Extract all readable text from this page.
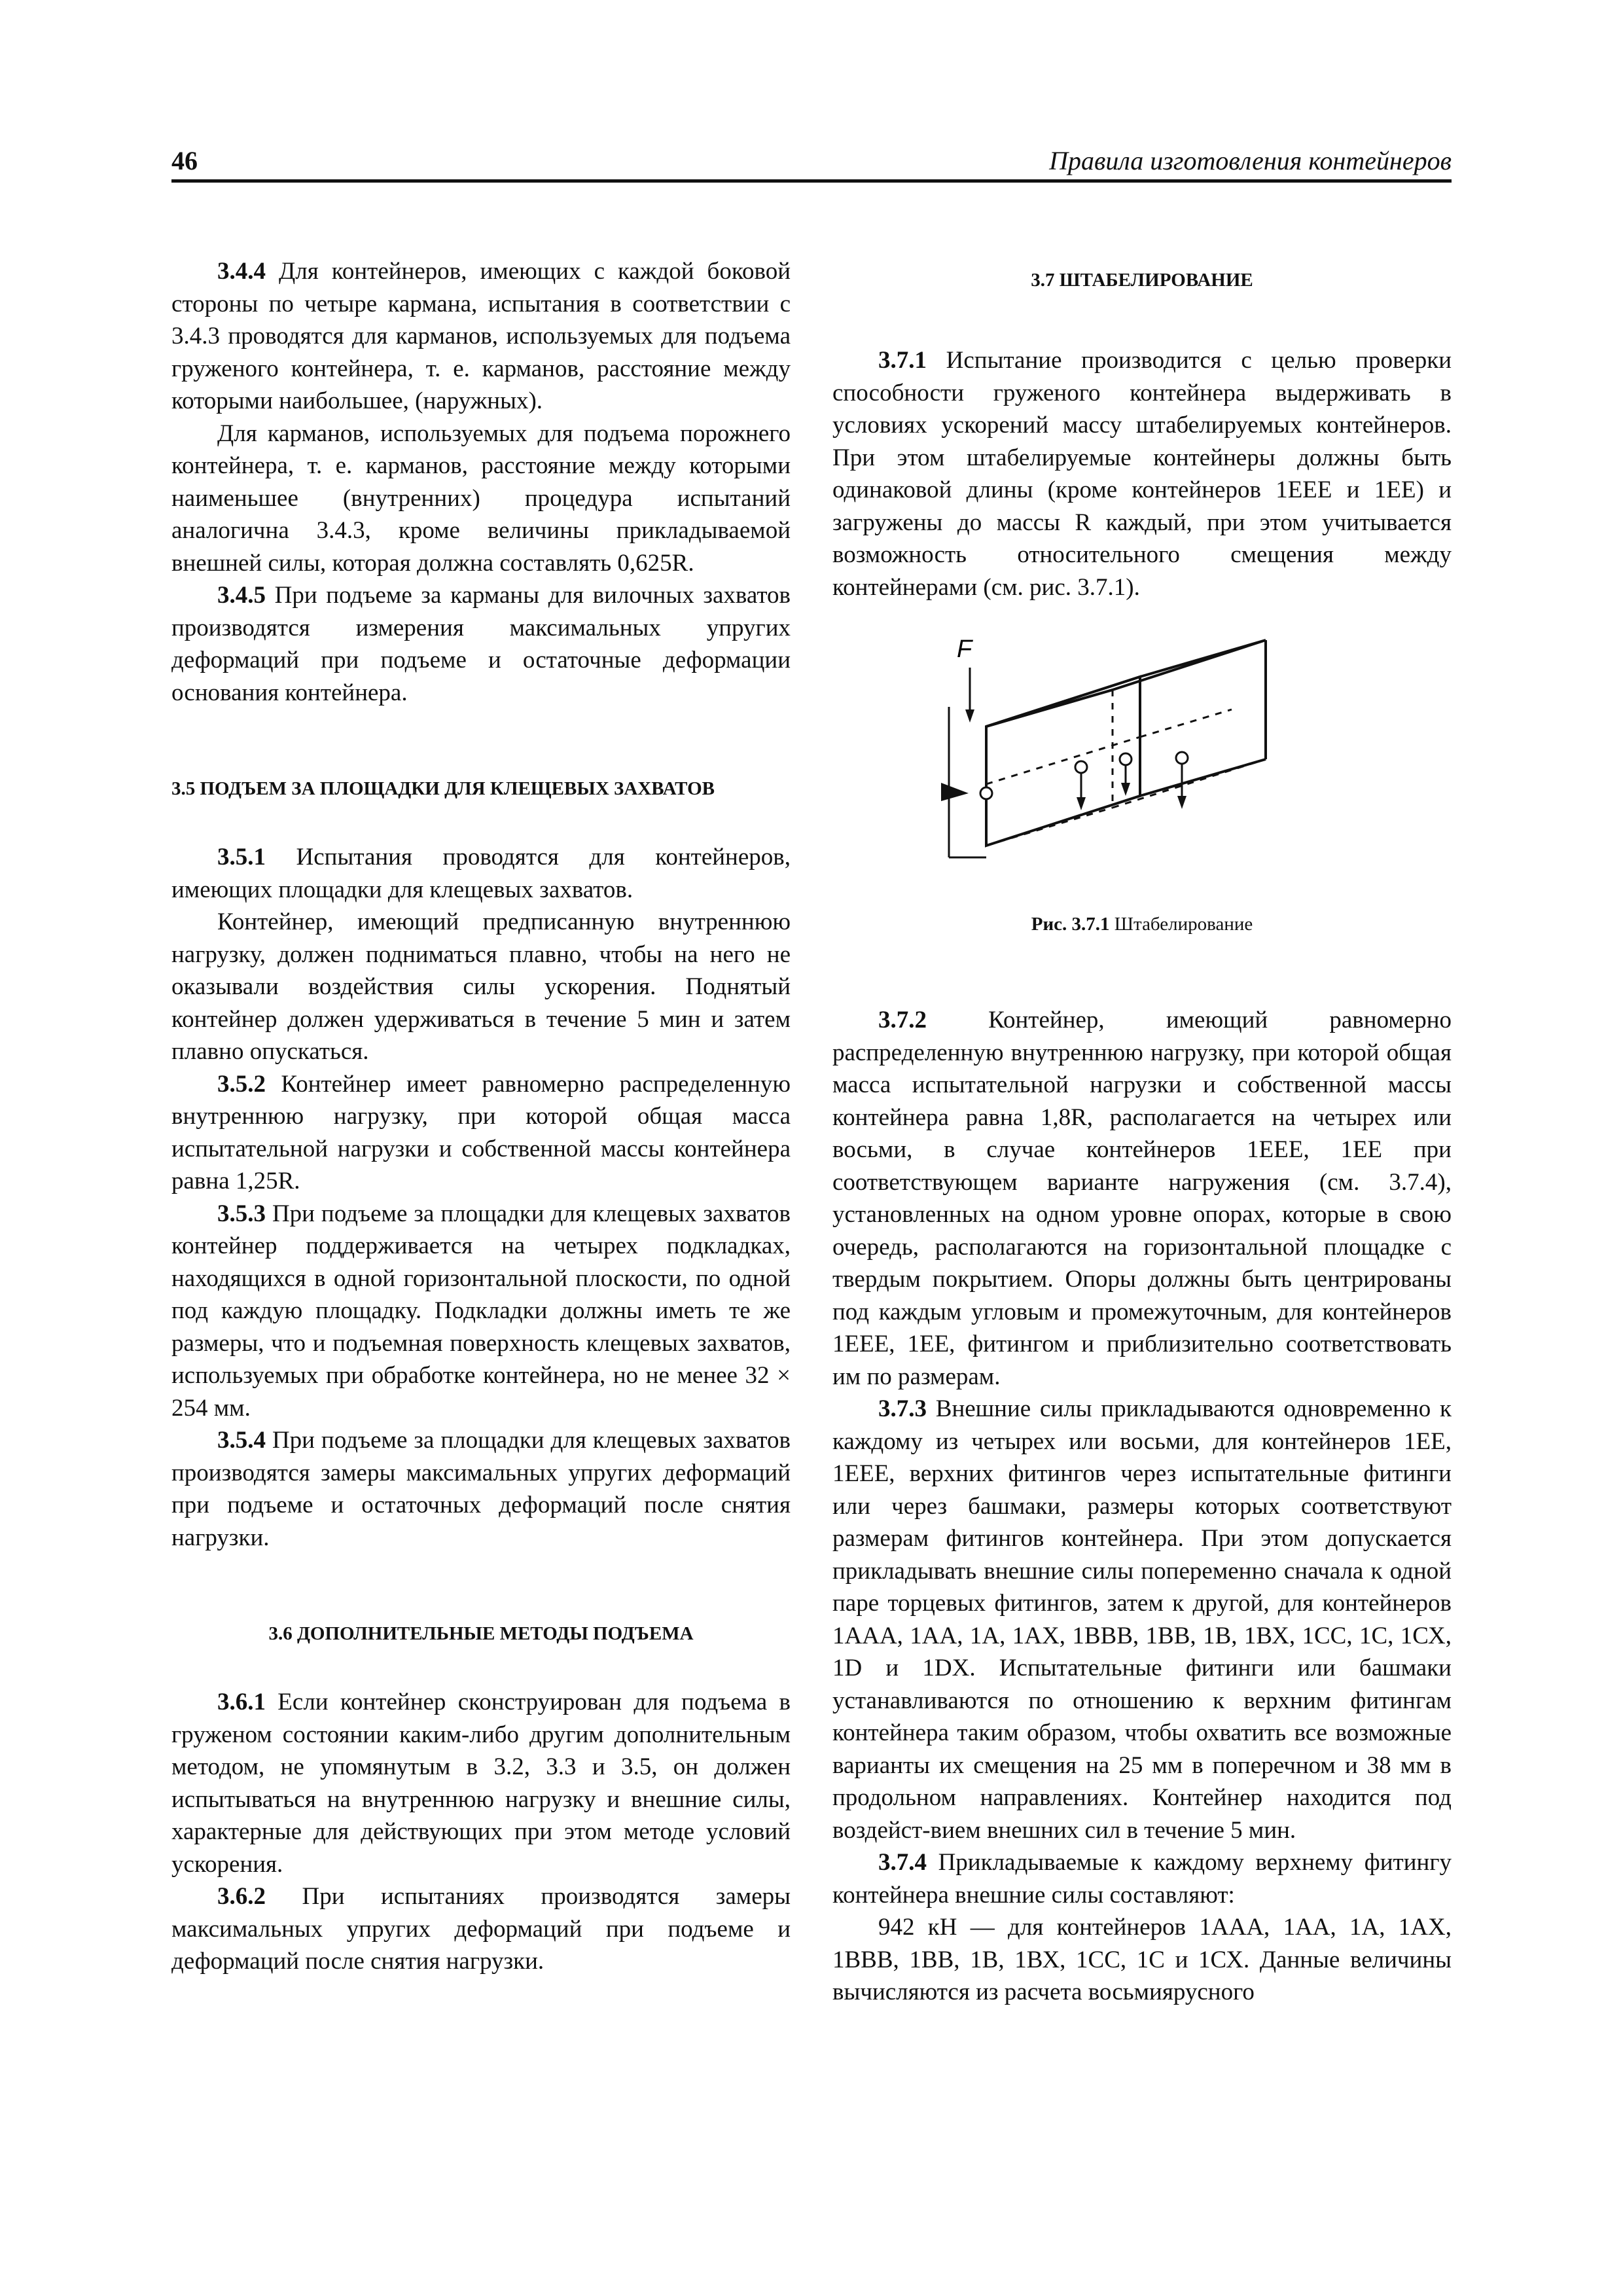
46	Правила изготовления контейнеров

3.4.4 Для контейнеров, имеющих с каждой боковой стороны по четыре кармана, испытания в соответствии с 3.4.3 проводятся для карманов, используемых для подъема груженого контейнера, т. е. карманов, расстояние между которыми наибольшее, (наружных).

Для карманов, используемых для подъема порожнего контейнера, т. е. карманов, расстояние между которыми наименьшее (внутренних) процедура испытаний аналогична 3.4.3, кроме величины прикладываемой внешней силы, которая должна составлять 0,625R.

3.4.5 При подъеме за карманы для вилочных захватов производятся измерения максимальных упругих деформаций при подъеме и остаточные деформации основания контейнера.

3.5 ПОДЪЕМ ЗА ПЛОЩАДКИ ДЛЯ КЛЕЩЕВЫХ ЗАХВАТОВ

3.5.1 Испытания проводятся для контейнеров, имеющих площадки для клещевых захватов.

Контейнер, имеющий предписанную внутреннюю нагрузку, должен подниматься плавно, чтобы на него не оказывали воздействия силы ускорения. Поднятый контейнер должен удерживаться в течение 5 мин и затем плавно опускаться.

3.5.2 Контейнер имеет равномерно распределенную внутреннюю нагрузку, при которой общая масса испытательной нагрузки и собственной массы контейнера равна 1,25R.

3.5.3 При подъеме за площадки для клещевых захватов контейнер поддерживается на четырех подкладках, находящихся в одной горизонтальной плоскости, по одной под каждую площадку. Подкладки должны иметь те же размеры, что и подъемная поверхность клещевых захватов, используемых при обработке контейнера, но не менее 32 × 254 мм.

3.5.4 При подъеме за площадки для клещевых захватов производятся замеры максимальных упругих деформаций при подъеме и остаточных деформаций после снятия нагрузки.

3.6 ДОПОЛНИТЕЛЬНЫЕ МЕТОДЫ ПОДЪЕМА

3.6.1 Если контейнер сконструирован для подъема в груженом состоянии каким-либо другим дополнительным методом, не упомянутым в 3.2, 3.3 и 3.5, он должен испытываться на внутреннюю нагрузку и внешние силы, характерные для действующих при этом методе условий ускорения.

3.6.2 При испытаниях производятся замеры максимальных упругих деформаций при подъеме и деформаций после снятия нагрузки.

3.7 ШТАБЕЛИРОВАНИЕ

3.7.1 Испытание производится с целью проверки способности груженого контейнера выдерживать в условиях ускорений массу штабелируемых контейнеров. При этом штабелируемые контейнеры должны быть одинаковой длины (кроме контейнеров 1ЕЕЕ и 1ЕЕ) и загружены до массы R каждый, при этом учитывается возможность относительного смещения между контейнерами (см. рис. 3.7.1).

F
Рис. 3.7.1 Штабелирование

3.7.2 Контейнер, имеющий равномерно распределенную внутреннюю нагрузку, при которой общая масса испытательной нагрузки и собственной массы контейнера равна 1,8R, располагается на четырех или восьми, в случае контейнеров 1ЕЕЕ, 1ЕЕ при соответствующем варианте нагружения (см. 3.7.4), установленных на одном уровне опорах, которые в свою очередь, располагаются на горизонтальной площадке с твердым покрытием. Опоры должны быть центрированы под каждым угловым и промежуточным, для контейнеров 1ЕЕЕ, 1ЕЕ, фитингом и приблизительно соответствовать им по размерам.

3.7.3 Внешние силы прикладываются одновременно к каждому из четырех или восьми, для контейнеров 1ЕЕ, 1ЕЕЕ, верхних фитингов через испытательные фитинги или через башмаки, размеры которых соответствуют размерам фитингов контейнера. При этом допускается прикладывать внешние силы попеременно сначала к одной паре торцевых фитингов, затем к другой, для контейнеров 1ААА, 1АА, 1А, 1АХ, 1ВВВ, 1ВВ, 1В, 1ВХ, 1СС, 1С, 1СХ, 1D и 1DX. Испытательные фитинги или башмаки устанавливаются по отношению к верхним фитингам контейнера таким образом, чтобы охватить все возможные варианты их смещения на 25 мм в поперечном и 38 мм в продольном направлениях. Контейнер находится под воздейст-вием внешних сил в течение 5 мин.

3.7.4 Прикладываемые к каждому верхнему фитингу контейнера внешние силы составляют:

942 кН — для контейнеров 1ААА, 1АА, 1А, 1АХ, 1ВВВ, 1ВВ, 1В, 1ВХ, 1СС, 1С и 1СХ. Данные величины вычисляются из расчета восьмиярусного
